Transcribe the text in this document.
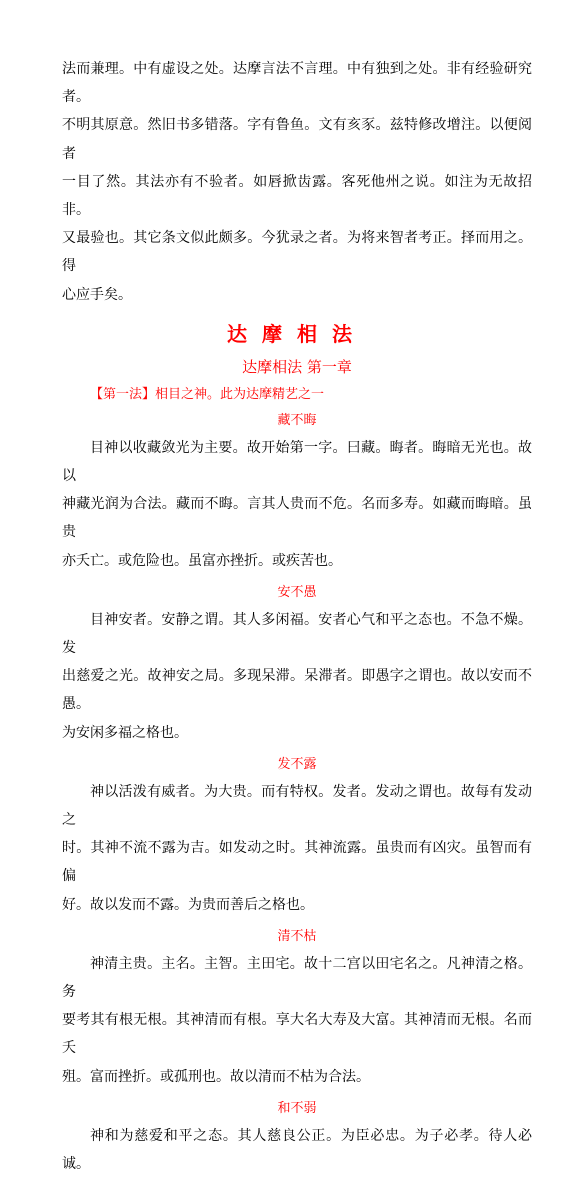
法而兼理。中有虚设之处。达摩言法不言理。中有独到之处。非有经验研究者。
不明其原意。然旧书多错落。字有鲁鱼。文有亥豕。兹特修改增注。以便阅者
一目了然。其法亦有不验者。如唇掀齿露。客死他州之说。如注为无故招非。
又最验也。其它条文似此颇多。今犹录之者。为将来智者考正。择而用之。得
心应手矣。
达摩相法
达摩相法 第一章
【第一法】相目之神。此为达摩精艺之一
藏不晦
目神以收藏敛光为主要。故开始第一字。曰藏。晦者。晦暗无光也。故以
神藏光润为合法。藏而不晦。言其人贵而不危。名而多寿。如藏而晦暗。虽贵
亦夭亡。或危险也。虽富亦挫折。或疾苦也。
安不愚
目神安者。安静之谓。其人多闲福。安者心气和平之态也。不急不燥。发
出慈爱之光。故神安之局。多现呆滞。呆滞者。即愚字之谓也。故以安而不愚。
为安闲多福之格也。
发不露
神以活泼有威者。为大贵。而有特权。发者。发动之谓也。故每有发动之
时。其神不流不露为吉。如发动之时。其神流露。虽贵而有凶灾。虽智而有偏
好。故以发而不露。为贵而善后之格也。
清不枯
神清主贵。主名。主智。主田宅。故十二宫以田宅名之。凡神清之格。务
要考其有根无根。其神清而有根。享大名大寿及大富。其神清而无根。名而夭
殂。富而挫折。或孤刑也。故以清而不枯为合法。
和不弱
神和为慈爱和平之态。其人慈良公正。为臣必忠。为子必孝。待人必诚。
